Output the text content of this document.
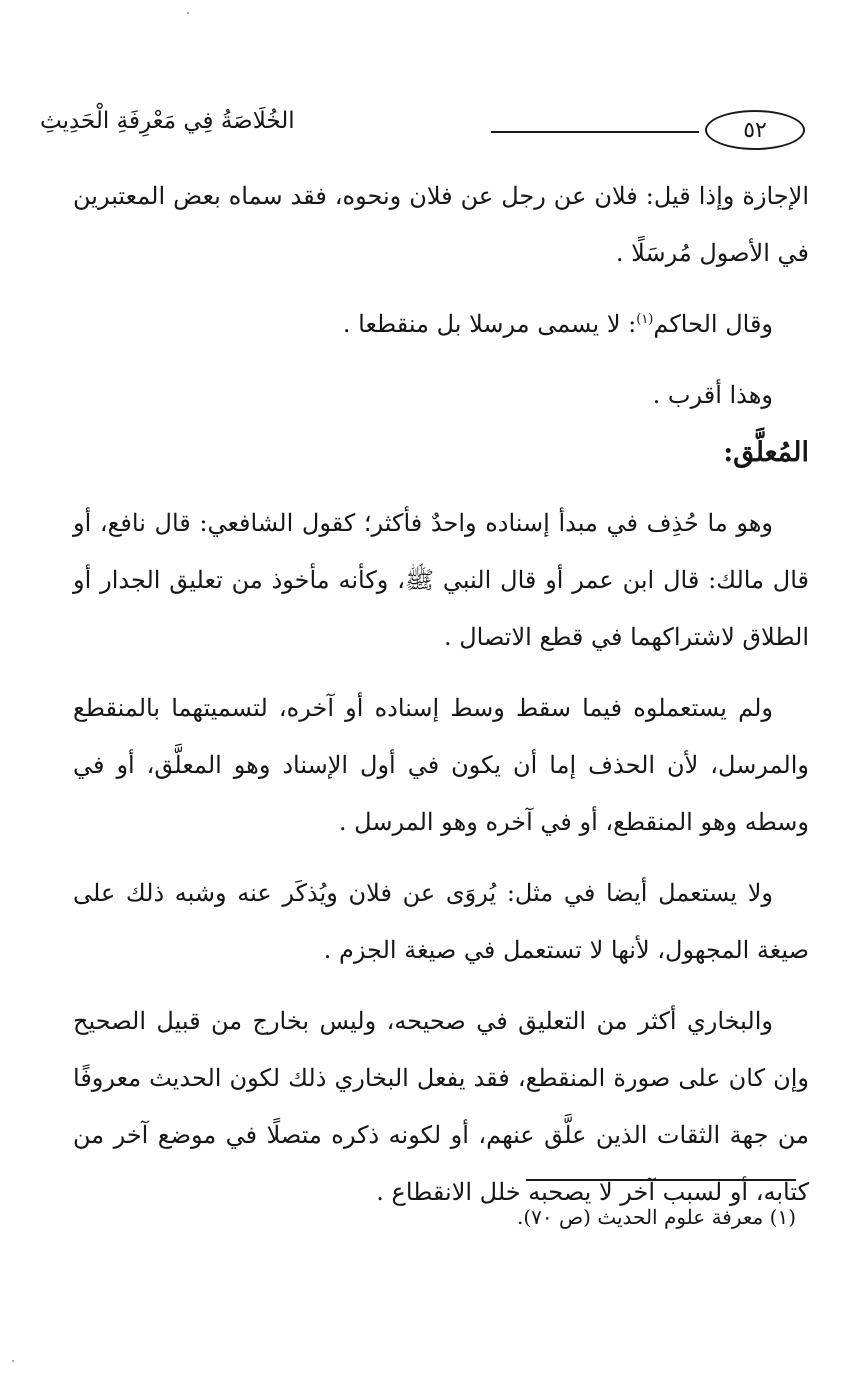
٥٢
الخُلَاصَةُ فِي مَعْرِفَةِ الْحَدِيثِ

الإجازة وإذا قيل: فلان عن رجل عن فلان ونحوه، فقد سماه بعض المعتبرين في الأصول مُرسَلًا .

وقال الحاكم$^{(١)}$: لا يسمى مرسلا بل منقطعا .

وهذا أقرب .

المُعلَّق:

وهو ما حُذِف في مبدأ إسناده واحدٌ فأكثر؛ كقول الشافعي: قال نافع، أو قال مالك: قال ابن عمر أو قال النبي ﷺ، وكأنه مأخوذ من تعليق الجدار أو الطلاق لاشتراكهما في قطع الاتصال .

ولم يستعملوه فيما سقط وسط إسناده أو آخره، لتسميتهما بالمنقطع والمرسل، لأن الحذف إما أن يكون في أول الإسناد وهو المعلَّق، أو في وسطه وهو المنقطع، أو في آخره وهو المرسل .

ولا يستعمل أيضا في مثل: يُروَى عن فلان ويُذكَر عنه وشبه ذلك على صيغة المجهول، لأنها لا تستعمل في صيغة الجزم .

والبخاري أكثر من التعليق في صحيحه، وليس بخارج من قبيل الصحيح وإن كان على صورة المنقطع، فقد يفعل البخاري ذلك لكون الحديث معروفًا من جهة الثقات الذين علَّق عنهم، أو لكونه ذكره متصلًا في موضع آخر من كتابه، أو لسبب آخر لا يصحبه خلل الانقطاع .

(١) معرفة علوم الحديث (ص ٧٠).
